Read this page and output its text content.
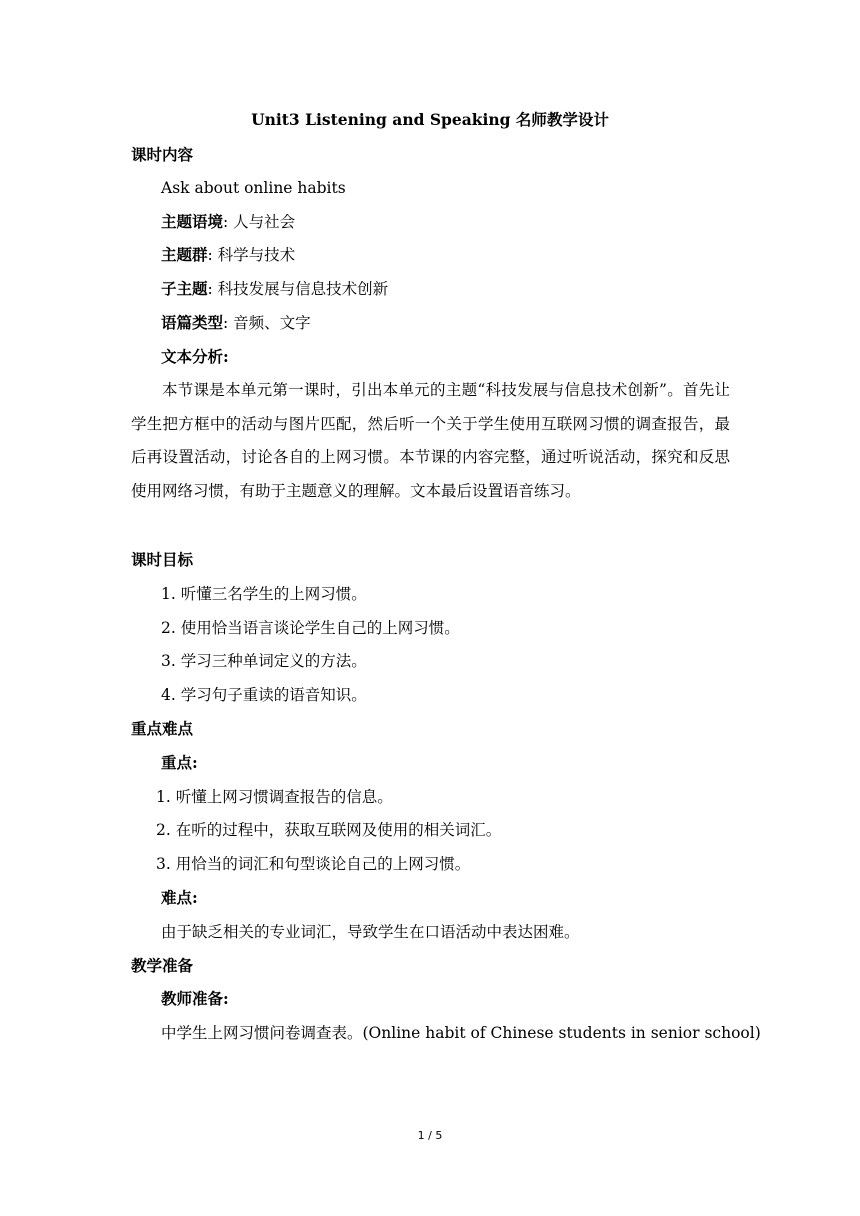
Unit3 Listening and Speaking 名师教学设计
课时内容
Ask about online habits
主题语境: 人与社会
主题群: 科学与技术
子主题: 科技发展与信息技术创新
语篇类型: 音频、文字
文本分析:
本节课是本单元第一课时，引出本单元的主题“科技发展与信息技术创新”。首先让学生把方框中的活动与图片匹配，然后听一个关于学生使用互联网习惯的调查报告，最后再设置活动，讨论各自的上网习惯。本节课的内容完整，通过听说活动，探究和反思使用网络习惯，有助于主题意义的理解。文本最后设置语音练习。
课时目标
1. 听懂三名学生的上网习惯。
2. 使用恰当语言谈论学生自己的上网习惯。
3. 学习三种单词定义的方法。
4. 学习句子重读的语音知识。
重点难点
重点:
1. 听懂上网习惯调查报告的信息。
2. 在听的过程中，获取互联网及使用的相关词汇。
3. 用恰当的词汇和句型谈论自己的上网习惯。
难点:
由于缺乏相关的专业词汇，导致学生在口语活动中表达困难。
教学准备
教师准备:
中学生上网习惯问卷调查表。(Online habit of Chinese students in senior school)
1 / 5
